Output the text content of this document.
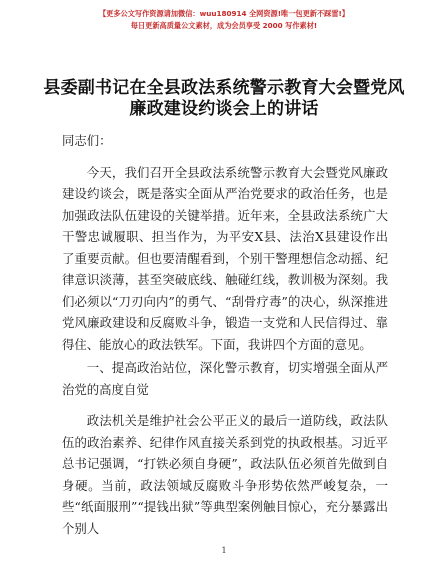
【更多公文写作资源请加微信：wuu180914 全网资源!唯一包更新不踩雷!】
每日更新高质量公文素材，成为会员享受 2000 写作素材!
县委副书记在全县政法系统警示教育大会暨党风廉政建设约谈会上的讲话

同志们：

今天，我们召开全县政法系统警示教育大会暨党风廉政建设约谈会，既是落实全面从严治党要求的政治任务，也是加强政法队伍建设的关键举措。近年来，全县政法系统广大干警忠诚履职、担当作为，为平安X县、法治X县建设作出了重要贡献。但也要清醒看到，个别干警理想信念动摇、纪律意识淡薄，甚至突破底线、触碰红线，教训极为深刻。我们必须以“刀刃向内”的勇气、“刮骨疗毒”的决心，纵深推进党风廉政建设和反腐败斗争，锻造一支党和人民信得过、靠得住、能放心的政法铁军。下面，我讲四个方面的意见。

一、提高政治站位，深化警示教育，切实增强全面从严治党的高度自觉

政法机关是维护社会公平正义的最后一道防线，政法队伍的政治素养、纪律作风直接关系到党的执政根基。习近平总书记强调，“打铁必须自身硬”，政法队伍必须首先做到自身硬。当前，政法领域反腐败斗争形势依然严峻复杂，一些“纸面服刑”“提钱出狱”等典型案例触目惊心，充分暴露出个别人

1
